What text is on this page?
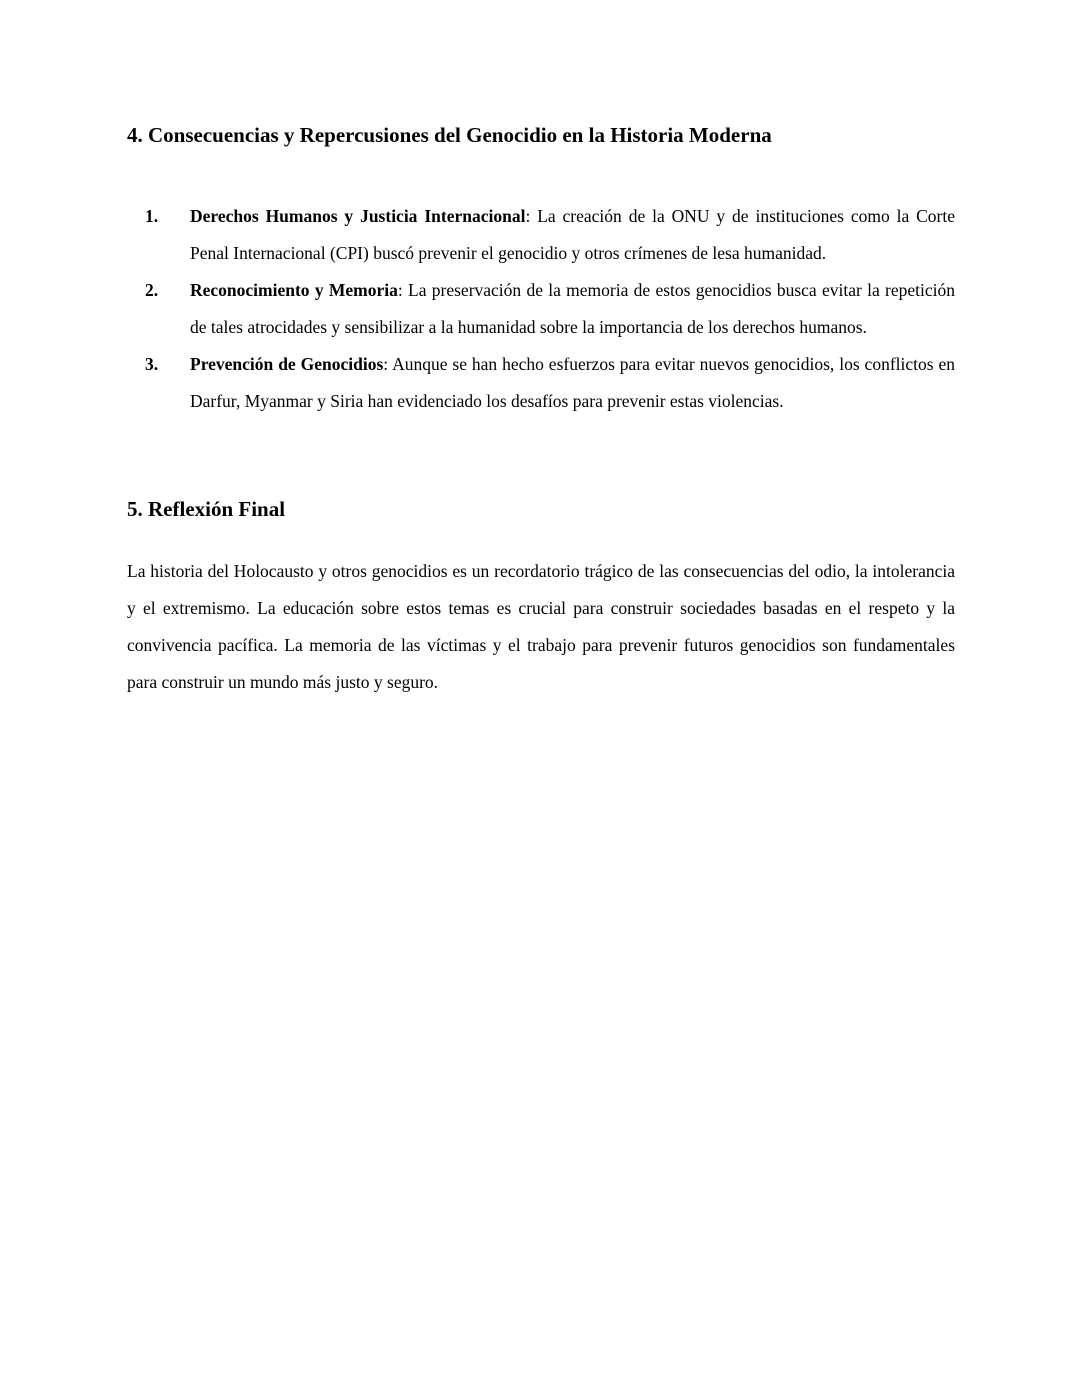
4. Consecuencias y Repercusiones del Genocidio en la Historia Moderna
1. Derechos Humanos y Justicia Internacional: La creación de la ONU y de instituciones como la Corte Penal Internacional (CPI) buscó prevenir el genocidio y otros crímenes de lesa humanidad.
2. Reconocimiento y Memoria: La preservación de la memoria de estos genocidios busca evitar la repetición de tales atrocidades y sensibilizar a la humanidad sobre la importancia de los derechos humanos.
3. Prevención de Genocidios: Aunque se han hecho esfuerzos para evitar nuevos genocidios, los conflictos en Darfur, Myanmar y Siria han evidenciado los desafíos para prevenir estas violencias.
5. Reflexión Final

La historia del Holocausto y otros genocidios es un recordatorio trágico de las consecuencias del odio, la intolerancia y el extremismo. La educación sobre estos temas es crucial para construir sociedades basadas en el respeto y la convivencia pacífica. La memoria de las víctimas y el trabajo para prevenir futuros genocidios son fundamentales para construir un mundo más justo y seguro.
